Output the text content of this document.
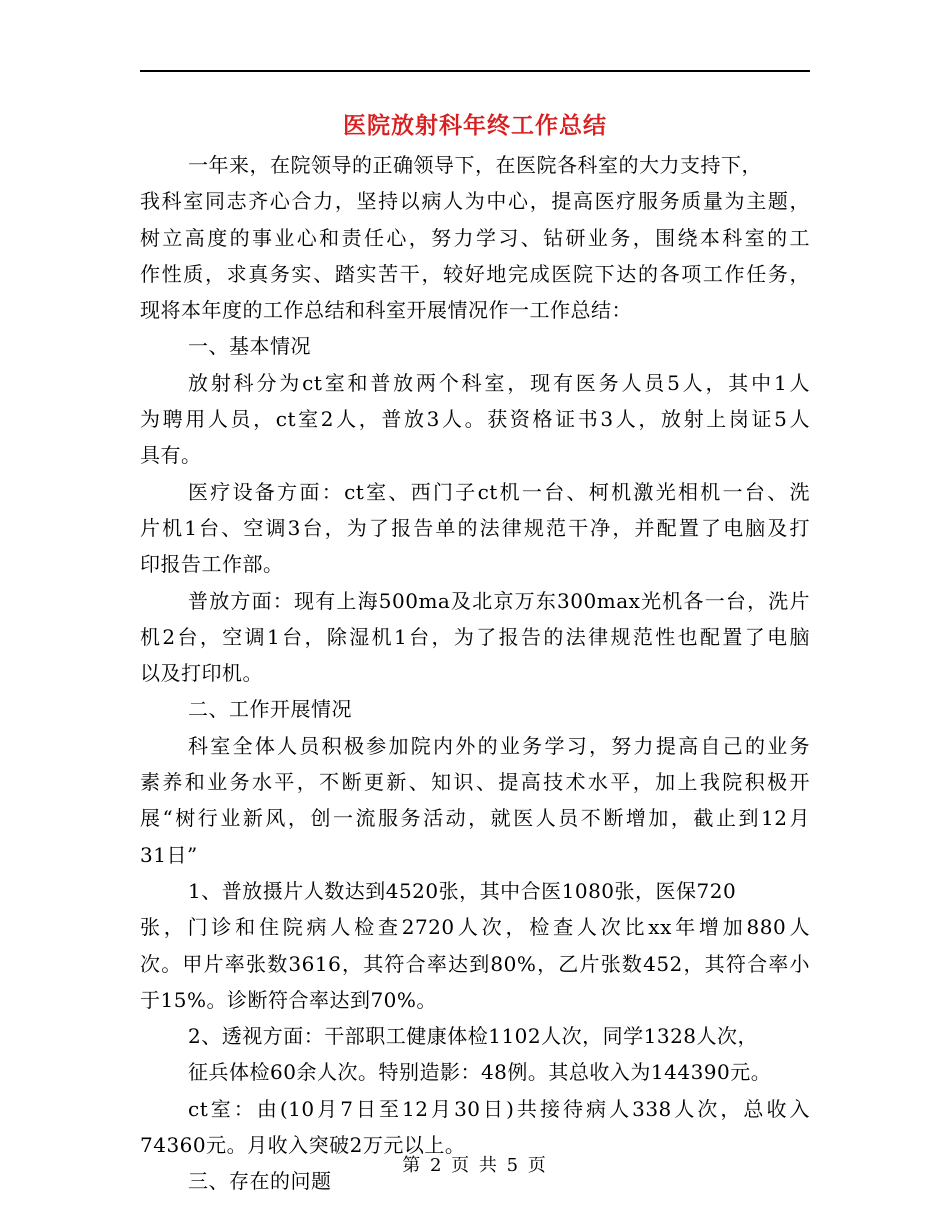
医院放射科年终工作总结
一年来，在院领导的正确领导下，在医院各科室的大力支持下，
我科室同志齐心合力，坚持以病人为中心，提高医疗服务质量为主题，
树立高度的事业心和责任心，努力学习、钻研业务，围绕本科室的工
作性质，求真务实、踏实苦干，较好地完成医院下达的各项工作任务，
现将本年度的工作总结和科室开展情况作一工作总结：
一、基本情况
放射科分为ct室和普放两个科室，现有医务人员5人，其中1人
为聘用人员，ct室2人，普放3人。获资格证书3人，放射上岗证5人
具有。
医疗设备方面：ct室、西门子ct机一台、柯机激光相机一台、洗
片机1台、空调3台，为了报告单的法律规范干净，并配置了电脑及打
印报告工作部。
普放方面：现有上海500ma及北京万东300max光机各一台，洗片
机2台，空调1台，除湿机1台，为了报告的法律规范性也配置了电脑
以及打印机。
二、工作开展情况
科室全体人员积极参加院内外的业务学习，努力提高自己的业务
素养和业务水平，不断更新、知识、提高技术水平，加上我院积极开
展“树行业新风，创一流服务活动，就医人员不断增加，截止到12月
31日”
1、普放摄片人数达到4520张，其中合医1080张，医保720
张，门诊和住院病人检查2720人次，检查人次比xx年增加880人
次。甲片率张数3616，其符合率达到80%，乙片张数452，其符合率小
于15%。诊断符合率达到70%。
2、透视方面：干部职工健康体检1102人次，同学1328人次，
征兵体检60余人次。特别造影：48例。其总收入为144390元。
ct室：由(10月7日至12月30日)共接待病人338人次，总收入
74360元。月收入突破2万元以上。
三、存在的问题
第 2 页 共 5 页
